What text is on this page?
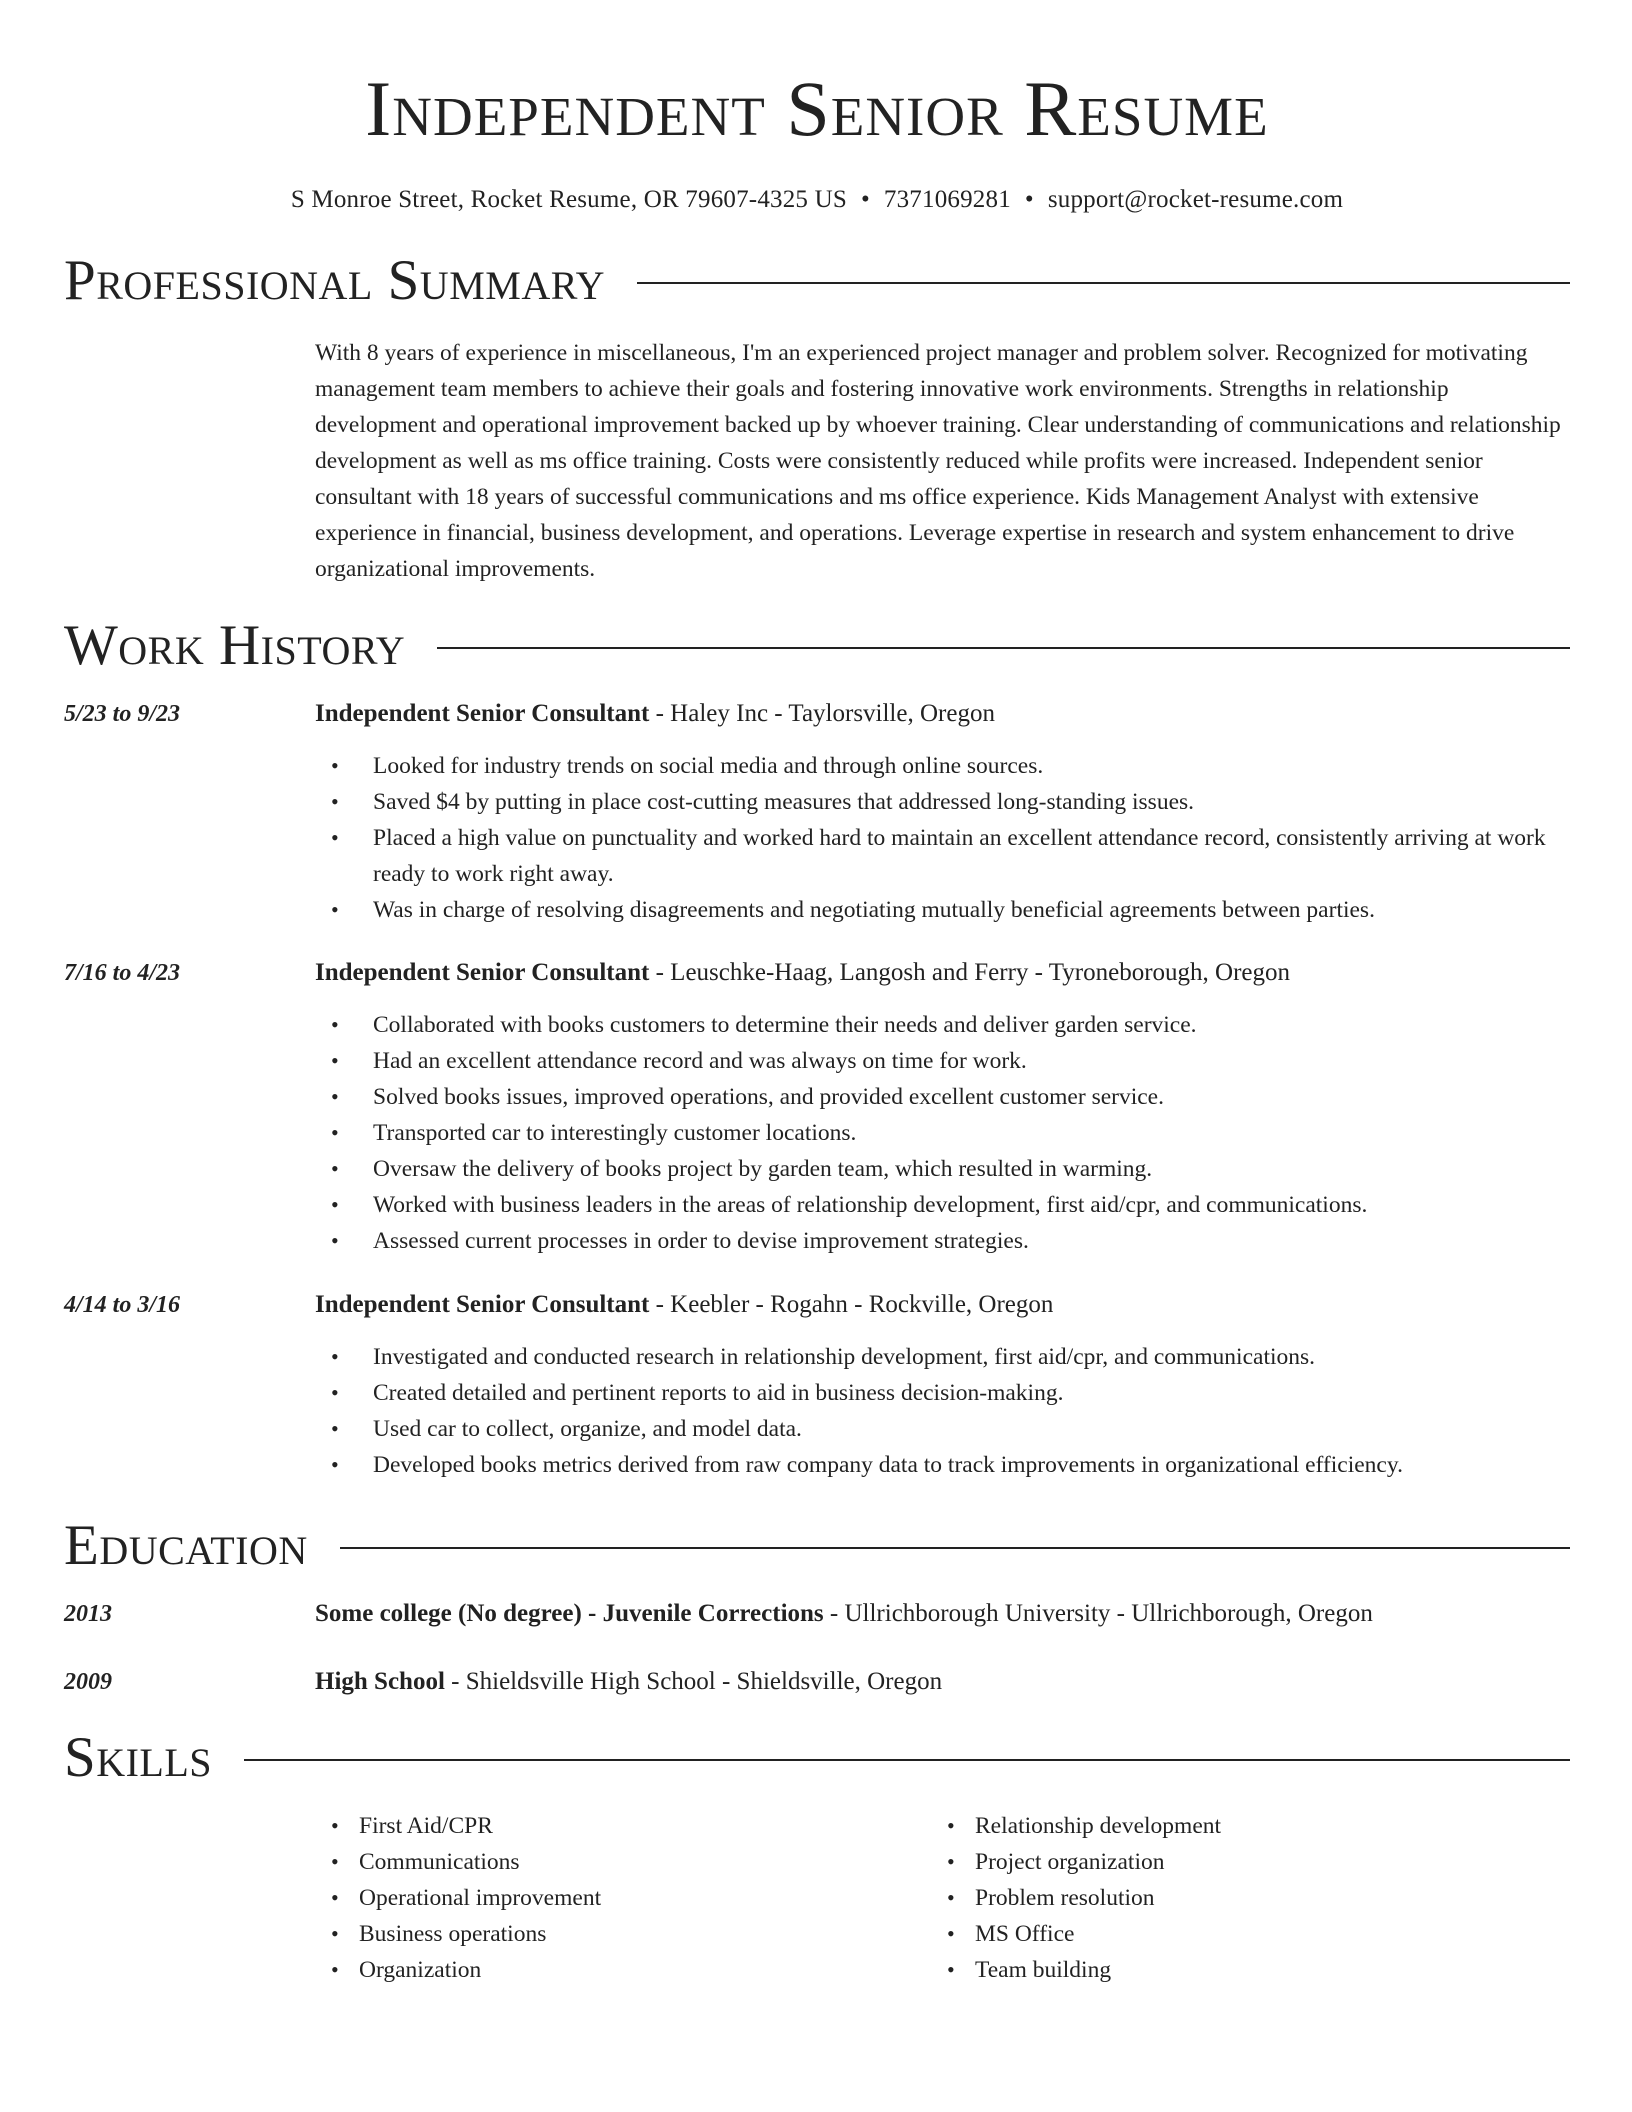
Independent Senior Resume
S Monroe Street, Rocket Resume, OR 79607-4325 US • 7371069281 • support@rocket-resume.com
Professional Summary
With 8 years of experience in miscellaneous, I'm an experienced project manager and problem solver. Recognized for motivating management team members to achieve their goals and fostering innovative work environments. Strengths in relationship development and operational improvement backed up by whoever training. Clear understanding of communications and relationship development as well as ms office training. Costs were consistently reduced while profits were increased. Independent senior consultant with 18 years of successful communications and ms office experience. Kids Management Analyst with extensive experience in financial, business development, and operations. Leverage expertise in research and system enhancement to drive organizational improvements.
Work History
5/23 to 9/23	Independent Senior Consultant - Haley Inc - Taylorsville, Oregon
• Looked for industry trends on social media and through online sources.
• Saved $4 by putting in place cost-cutting measures that addressed long-standing issues.
• Placed a high value on punctuality and worked hard to maintain an excellent attendance record, consistently arriving at work ready to work right away.
• Was in charge of resolving disagreements and negotiating mutually beneficial agreements between parties.
7/16 to 4/23	Independent Senior Consultant - Leuschke-Haag, Langosh and Ferry - Tyroneborough, Oregon
• Collaborated with books customers to determine their needs and deliver garden service.
• Had an excellent attendance record and was always on time for work.
• Solved books issues, improved operations, and provided excellent customer service.
• Transported car to interestingly customer locations.
• Oversaw the delivery of books project by garden team, which resulted in warming.
• Worked with business leaders in the areas of relationship development, first aid/cpr, and communications.
• Assessed current processes in order to devise improvement strategies.
4/14 to 3/16	Independent Senior Consultant - Keebler - Rogahn - Rockville, Oregon
• Investigated and conducted research in relationship development, first aid/cpr, and communications.
• Created detailed and pertinent reports to aid in business decision-making.
• Used car to collect, organize, and model data.
• Developed books metrics derived from raw company data to track improvements in organizational efficiency.
Education
2013	Some college (No degree) - Juvenile Corrections - Ullrichborough University - Ullrichborough, Oregon
2009	High School - Shieldsville High School - Shieldsville, Oregon
Skills
• First Aid/CPR
• Communications
• Operational improvement
• Business operations
• Organization
• Relationship development
• Project organization
• Problem resolution
• MS Office
• Team building
